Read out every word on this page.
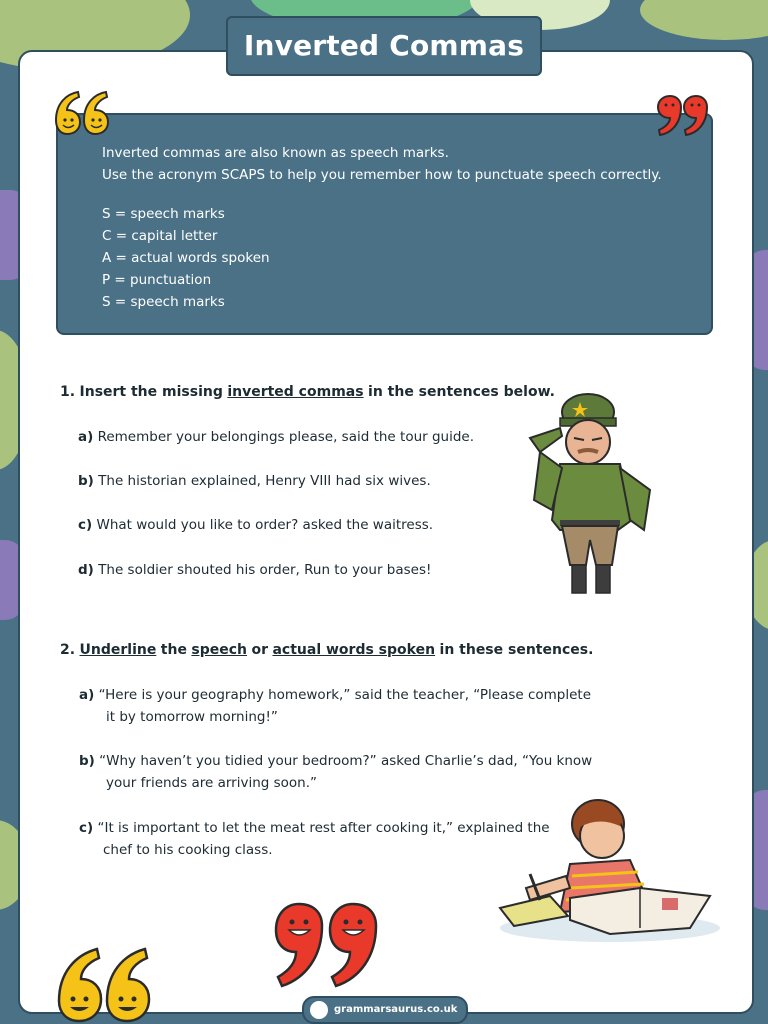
Inverted Commas
Inverted commas are also known as speech marks.
Use the acronym SCAPS to help you remember how to punctuate speech correctly.
S = speech marks
C = capital letter
A = actual words spoken
P = punctuation
S = speech marks
1. Insert the missing inverted commas in the sentences below.
a) Remember your belongings please, said the tour guide.
b) The historian explained, Henry VIII had six wives.
c) What would you like to order? asked the waitress.
d) The soldier shouted his order, Run to your bases!
2. Underline the speech or actual words spoken in these sentences.
a) “Here is your geography homework,” said the teacher, “Please complete
it by tomorrow morning!”
b) “Why haven’t you tidied your bedroom?” asked Charlie’s dad, “You know
your friends are arriving soon.”
c) “It is important to let the meat rest after cooking it,” explained the
chef to his cooking class.
grammarsaurus.co.uk
